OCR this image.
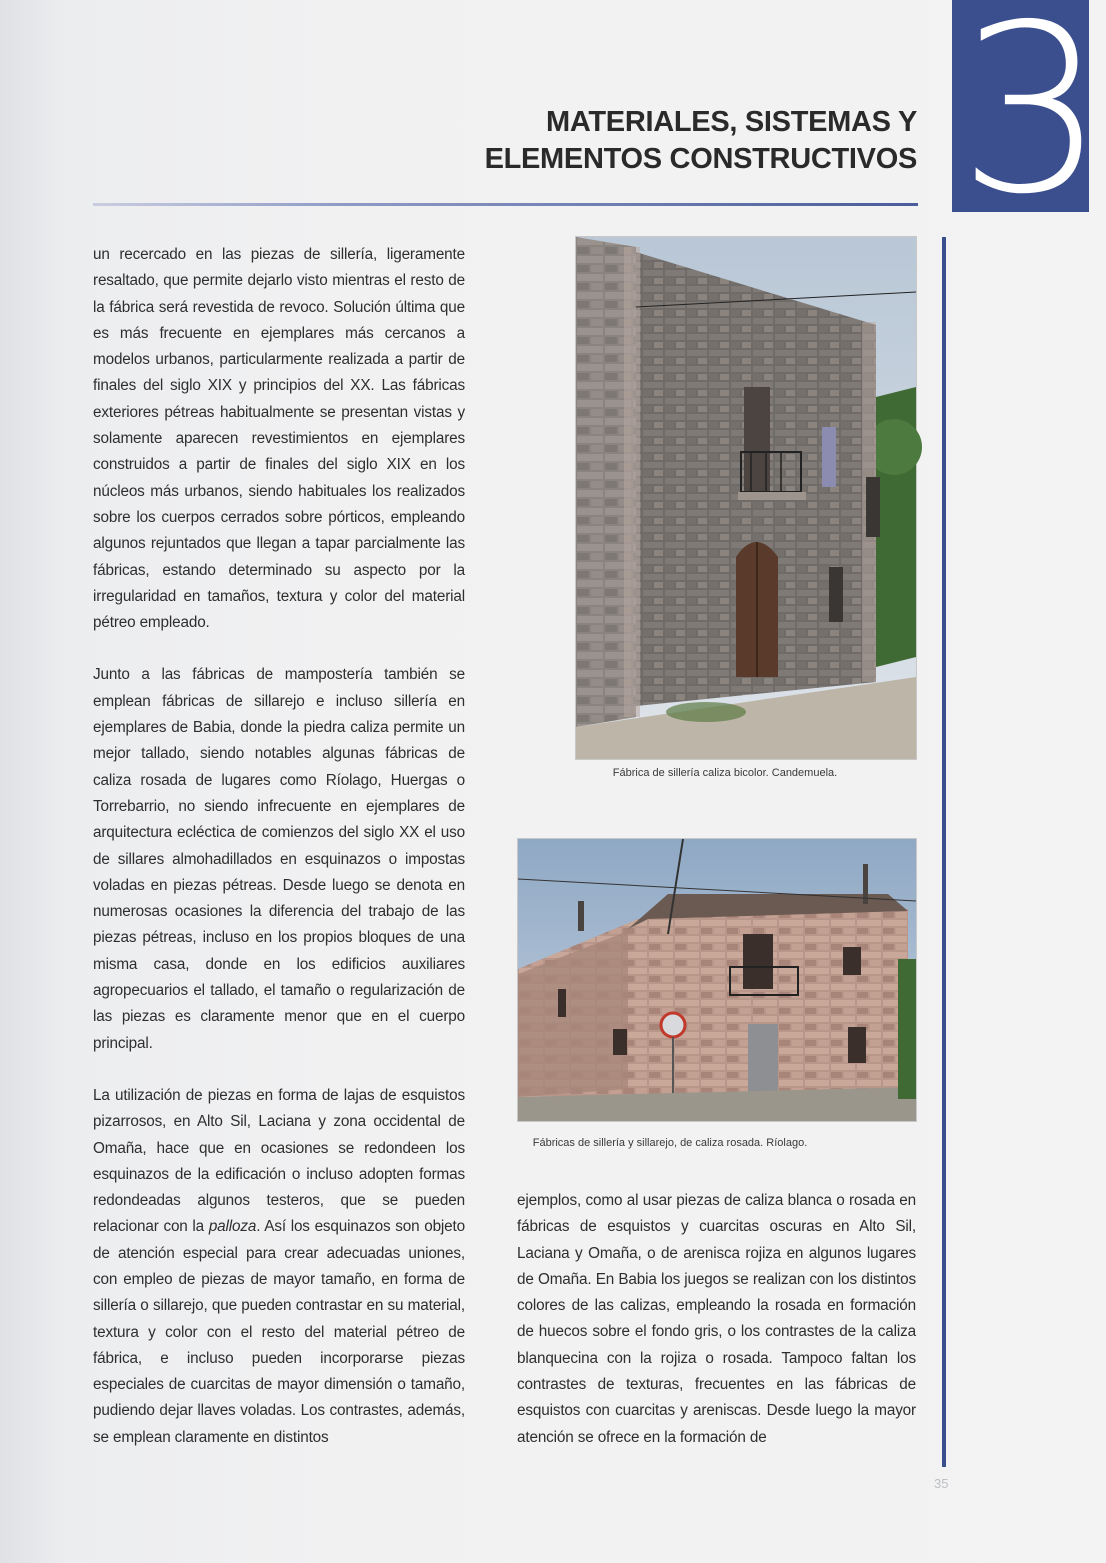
3
MATERIALES, SISTEMAS Y
ELEMENTOS CONSTRUCTIVOS

un recercado en las piezas de sillería, ligeramente resaltado, que permite dejarlo visto mientras el resto de la fábrica será revestida de revoco. Solución última que es más frecuente en ejemplares más cercanos a modelos urbanos, particularmente realizada a partir de finales del siglo XIX y principios del XX. Las fábricas exteriores pétreas habitualmente se presentan vistas y solamente aparecen revestimientos en ejemplares construidos a partir de finales del siglo XIX en los núcleos más urbanos, siendo habituales los realizados sobre los cuerpos cerrados sobre pórticos, empleando algunos rejuntados que llegan a tapar parcialmente las fábricas, estando determinado su aspecto por la irregularidad en tamaños, textura y color del material pétreo empleado.

Junto a las fábricas de mampostería también se emplean fábricas de sillarejo e incluso sillería en ejemplares de Babia, donde la piedra caliza permite un mejor tallado, siendo notables algunas fábricas de caliza rosada de lugares como Ríolago, Huergas o Torrebarrio, no siendo infrecuente en ejemplares de arquitectura ecléctica de comienzos del siglo XX el uso de sillares almohadillados en esquinazos o impostas voladas en piezas pétreas. Desde luego se denota en numerosas ocasiones la diferencia del trabajo de las piezas pétreas, incluso en los propios bloques de una misma casa, donde en los edificios auxiliares agropecuarios el tallado, el tamaño o regularización de las piezas es claramente menor que en el cuerpo principal.

La utilización de piezas en forma de lajas de esquistos pizarrosos, en Alto Sil, Laciana y zona occidental de Omaña, hace que en ocasiones se redondeen los esquinazos de la edificación o incluso adopten formas redondeadas algunos testeros, que se pueden relacionar con la palloza. Así los esquinazos son objeto de atención especial para crear adecuadas uniones, con empleo de piezas de mayor tamaño, en forma de sillería o sillarejo, que pueden contrastar en su material, textura y color con el resto del material pétreo de fábrica, e incluso pueden incorporarse piezas especiales de cuarcitas de mayor dimensión o tamaño, pudiendo dejar llaves voladas. Los contrastes, además, se emplean claramente en distintos

Fábrica de sillería caliza bicolor. Candemuela.
Fábricas de sillería y sillarejo, de caliza rosada. Ríolago.

ejemplos, como al usar piezas de caliza blanca o rosada en fábricas de esquistos y cuarcitas oscuras en Alto Sil, Laciana y Omaña, o de arenisca rojiza en algunos lugares de Omaña. En Babia los juegos se realizan con los distintos colores de las calizas, empleando la rosada en formación de huecos sobre el fondo gris, o los contrastes de la caliza blanquecina con la rojiza o rosada. Tampoco faltan los contrastes de texturas, frecuentes en las fábricas de esquistos con cuarcitas y areniscas. Desde luego la mayor atención se ofrece en la formación de

35
